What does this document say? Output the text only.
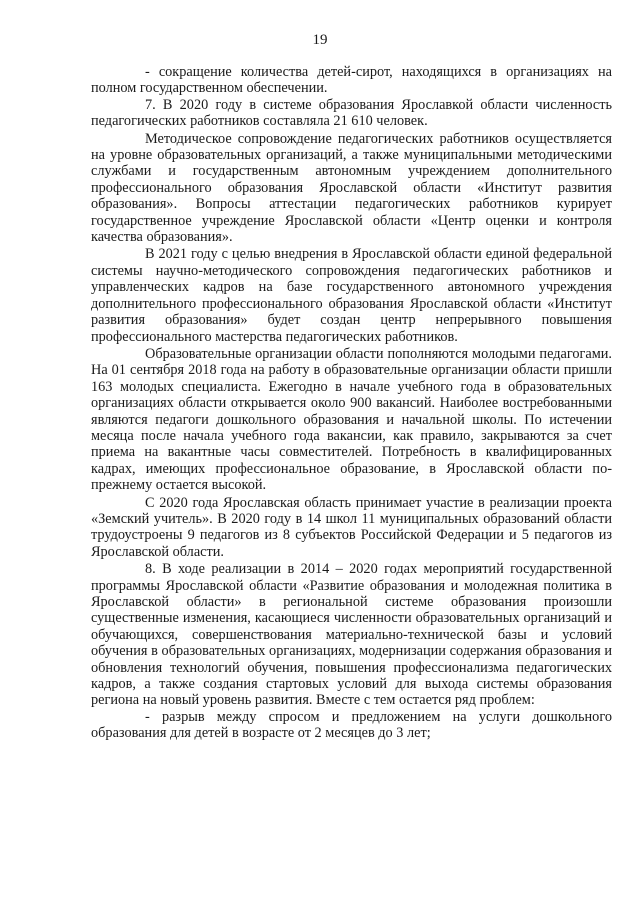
19

- сокращение количества детей-сирот, находящихся в организациях на полном государственном обеспечении.

7. В 2020 году в системе образования Ярославкой области численность педагогических работников составляла 21 610 человек.

Методическое сопровождение педагогических работников осуществляется на уровне образовательных организаций, а также муниципальными методическими службами и государственным автономным учреждением дополнительного профессионального образования Ярославской области «Институт развития образования». Вопросы аттестации педагогических работников курирует государственное учреждение Ярославской области «Центр оценки и контроля качества образования».

В 2021 году с целью внедрения в Ярославской области единой федеральной системы научно-методического сопровождения педагогических работников и управленческих кадров на базе государственного автономного учреждения дополнительного профессионального образования Ярославской области «Институт развития образования» будет создан центр непрерывного повышения профессионального мастерства педагогических работников.

Образовательные организации области пополняются молодыми педагогами. На 01 сентября 2018 года на работу в образовательные организации области пришли 163 молодых специалиста. Ежегодно в начале учебного года в образовательных организациях области открывается около 900 вакансий. Наиболее востребованными являются педагоги дошкольного образования и начальной школы. По истечении месяца после начала учебного года вакансии, как правило, закрываются за счет приема на вакантные часы совместителей. Потребность в квалифицированных кадрах, имеющих профессиональное образование, в Ярославской области по-прежнему остается высокой.

С 2020 года Ярославская область принимает участие в реализации проекта «Земский учитель». В 2020 году в 14 школ 11 муниципальных образований области трудоустроены 9 педагогов из 8 субъектов Российской Федерации и 5 педагогов из Ярославской области.

8. В ходе реализации в 2014 – 2020 годах мероприятий государственной программы Ярославской области «Развитие образования и молодежная политика в Ярославской области» в региональной системе образования произошли существенные изменения, касающиеся численности образовательных организаций и обучающихся, совершенствования материально-технической базы и условий обучения в образовательных организациях, модернизации содержания образования и обновления технологий обучения, повышения профессионализма педагогических кадров, а также создания стартовых условий для выхода системы образования региона на новый уровень развития. Вместе с тем остается ряд проблем:

- разрыв между спросом и предложением на услуги дошкольного образования для детей в возрасте от 2 месяцев до 3 лет;
